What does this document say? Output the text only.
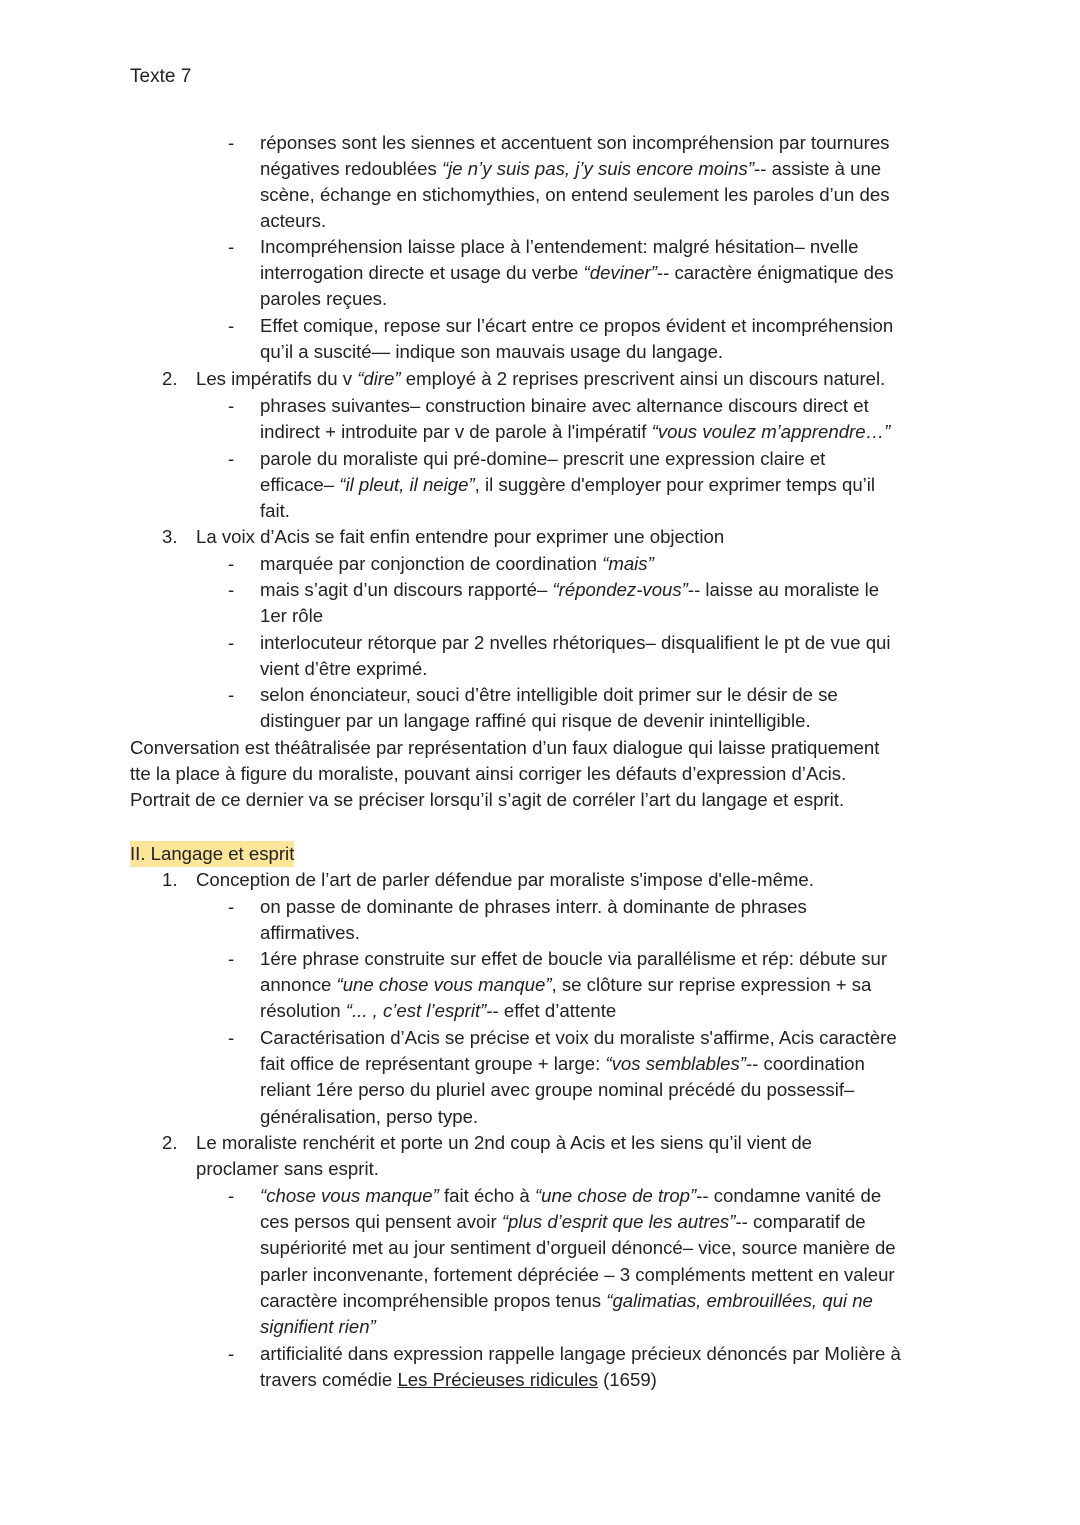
Texte 7
- réponses sont les siennes et accentuent son incompréhension par tournures
négatives redoublées “je n’y suis pas, j’y suis encore moins”-- assiste à une
scène, échange en stichomythies, on entend seulement les paroles d’un des
acteurs.
- Incompréhension laisse place à l’entendement: malgré hésitation– nvelle
interrogation directe et usage du verbe “deviner”-- caractère énigmatique des
paroles reçues.
- Effet comique, repose sur l’écart entre ce propos évident et incompréhension
qu’il a suscité— indique son mauvais usage du langage.
2. Les impératifs du v “dire” employé à 2 reprises prescrivent ainsi un discours naturel.
- phrases suivantes– construction binaire avec alternance discours direct et
indirect + introduite par v de parole à l'impératif “vous voulez m’apprendre…”
- parole du moraliste qui pré-domine– prescrit une expression claire et
efficace– “il pleut, il neige”, il suggère d'employer pour exprimer temps qu’il
fait.
3. La voix d’Acis se fait enfin entendre pour exprimer une objection
- marquée par conjonction de coordination “mais”
- mais s’agit d’un discours rapporté– “répondez-vous”-- laisse au moraliste le
1er rôle
- interlocuteur rétorque par 2 nvelles rhétoriques– disqualifient le pt de vue qui
vient d’être exprimé.
- selon énonciateur, souci d’être intelligible doit primer sur le désir de se
distinguer par un langage raffiné qui risque de devenir inintelligible.
Conversation est théâtralisée par représentation d’un faux dialogue qui laisse pratiquement
tte la place à figure du moraliste, pouvant ainsi corriger les défauts d’expression d’Acis.
Portrait de ce dernier va se préciser lorsqu’il s’agit de corréler l’art du langage et esprit.
II. Langage et esprit
1. Conception de l’art de parler défendue par moraliste s'impose d'elle-même.
- on passe de dominante de phrases interr. à dominante de phrases
affirmatives.
- 1ére phrase construite sur effet de boucle via parallélisme et rép: débute sur
annonce “une chose vous manque”, se clôture sur reprise expression + sa
résolution “... , c’est l’esprit”-- effet d’attente
- Caractérisation d’Acis se précise et voix du moraliste s'affirme, Acis caractère
fait office de représentant groupe + large: “vos semblables”-- coordination
reliant 1ére perso du pluriel avec groupe nominal précédé du possessif–
généralisation, perso type.
2. Le moraliste renchérit et porte un 2nd coup à Acis et les siens qu’il vient de
proclamer sans esprit.
- “chose vous manque” fait écho à “une chose de trop”-- condamne vanité de
ces persos qui pensent avoir “plus d’esprit que les autres”-- comparatif de
supériorité met au jour sentiment d’orgueil dénoncé– vice, source manière de
parler inconvenante, fortement dépréciée – 3 compléments mettent en valeur
caractère incompréhensible propos tenus “galimatias, embrouillées, qui ne
signifient rien”
- artificialité dans expression rappelle langage précieux dénoncés par Molière à
travers comédie Les Précieuses ridicules (1659)
